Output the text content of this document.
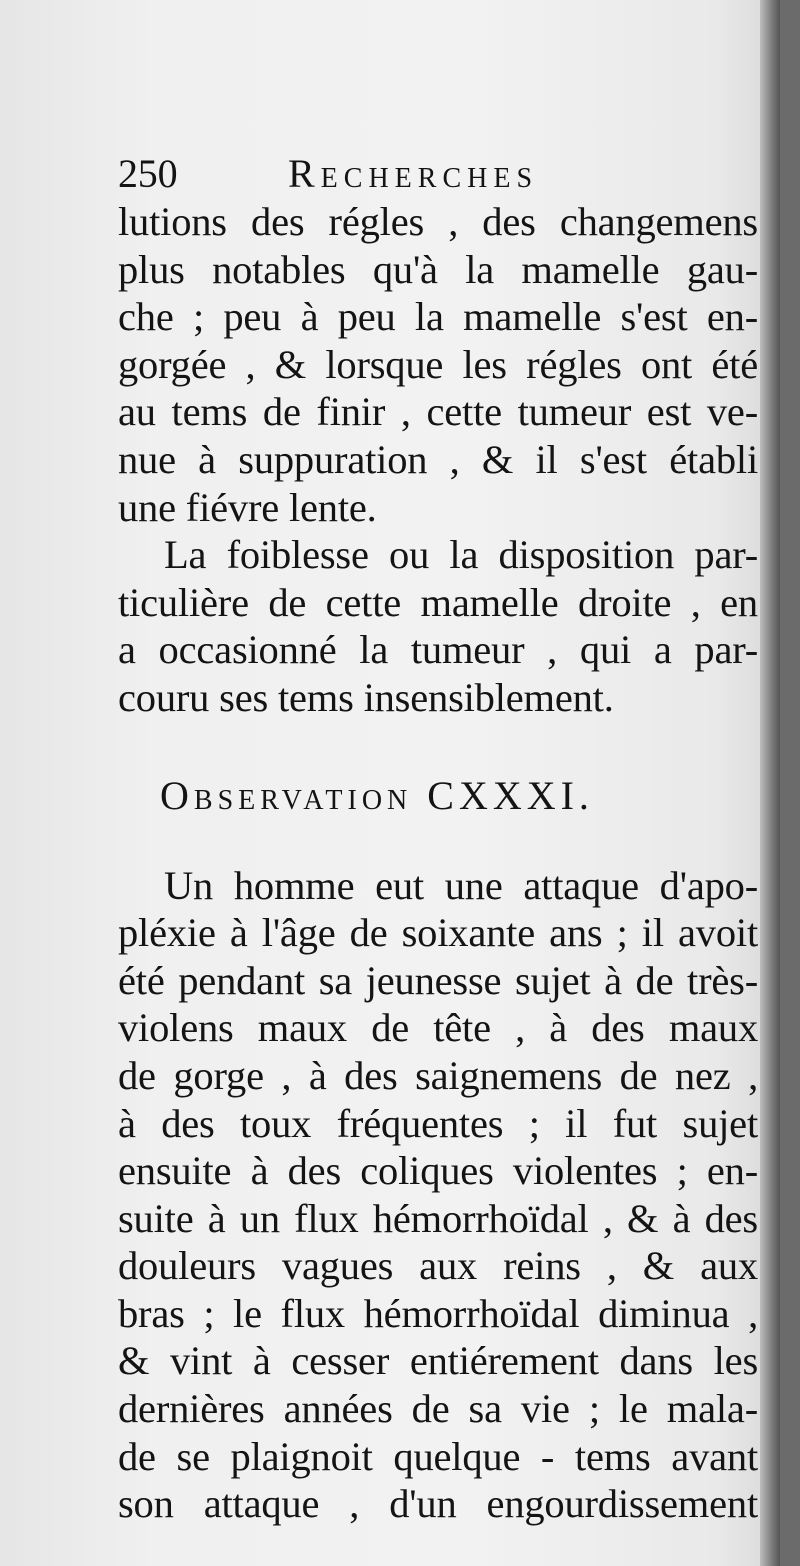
250	Recherches

lutions des régles , des changemens
plus notables qu'à la mamelle gau-
che ; peu à peu la mamelle s'est en-
gorgée , & lorsque les régles ont été
au tems de finir , cette tumeur est ve-
nue à suppuration , & il s'est établi
une fiévre lente.

La foiblesse ou la disposition par-
ticulière de cette mamelle droite , en
a occasionné la tumeur , qui a par-
couru ses tems insensiblement.

Observation CXXXI.

Un homme eut une attaque d'apo-
pléxie à l'âge de soixante ans ; il avoit
été pendant sa jeunesse sujet à de très-
violens maux de tête , à des maux
de gorge , à des saignemens de nez ,
à des toux fréquentes ; il fut sujet
ensuite à des coliques violentes ; en-
suite à un flux hémorrhoïdal , & à des
douleurs vagues aux reins , & aux
bras ; le flux hémorrhoïdal diminua ,
& vint à cesser entiérement dans les
dernières années de sa vie ; le mala-
de se plaignoit quelque - tems avant
son attaque , d'un engourdissement
